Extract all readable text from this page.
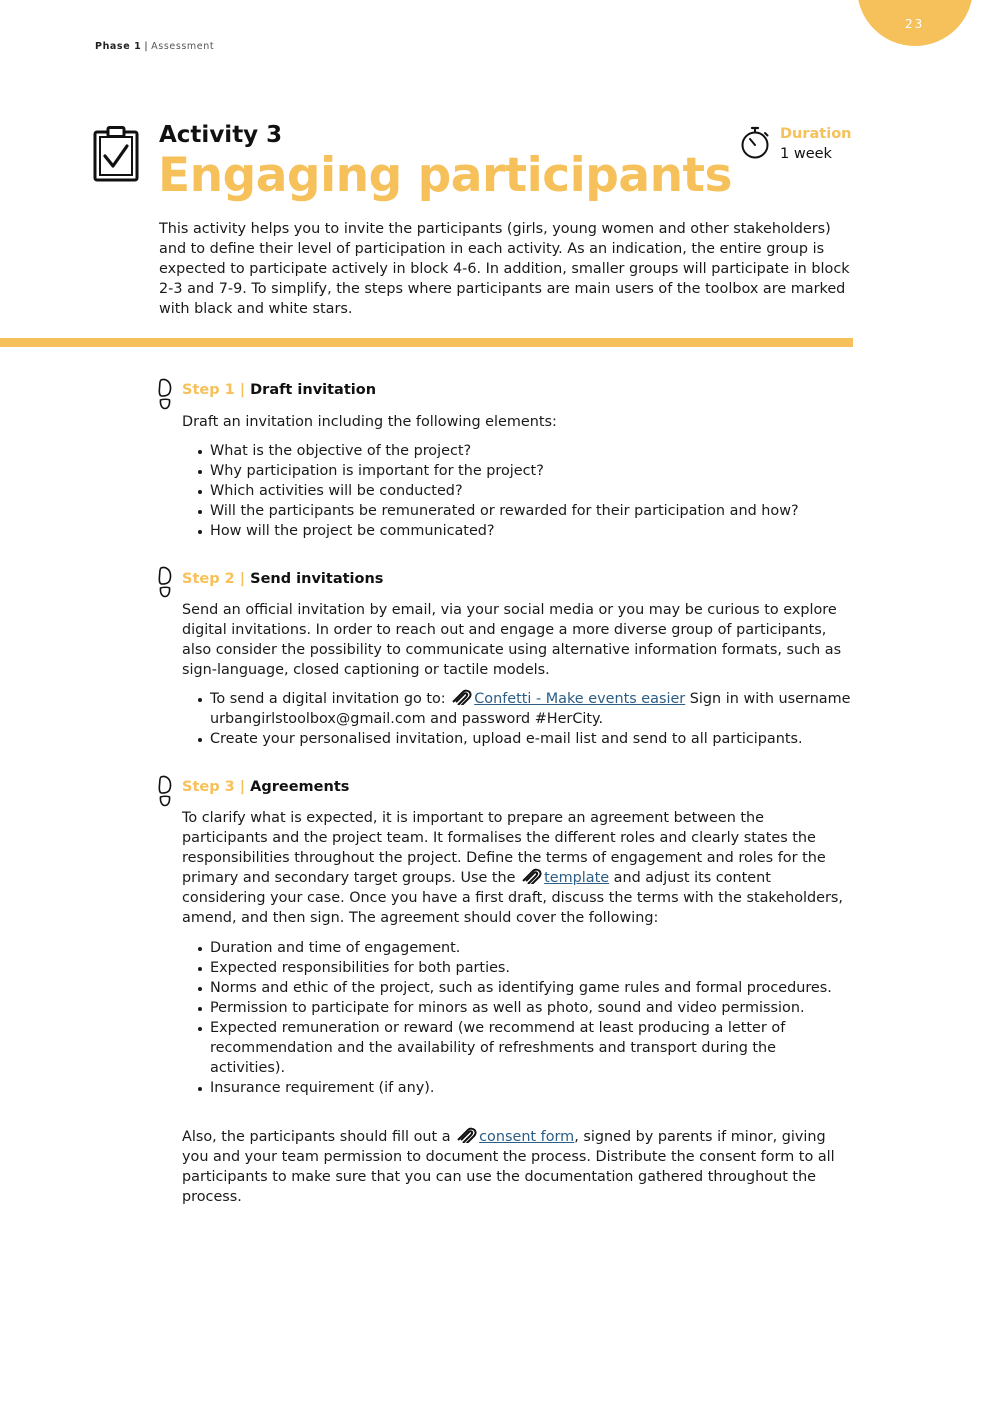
23
Phase 1 | Assessment
Activity 3
Engaging participants
Duration
1 week

This activity helps you to invite the participants (girls, young women and other stakeholders) and to define their level of participation in each activity. As an indication, the entire group is expected to participate actively in block 4-6. In addition, smaller groups will participate in block 2-3 and 7-9. To simplify, the steps where participants are main users of the toolbox are marked with black and white stars.

Step 1 | Draft invitation

Draft an invitation including the following elements:

What is the objective of the project?
Why participation is important for the project?
Which activities will be conducted?
Will the participants be remunerated or rewarded for their participation and how?
How will the project be communicated?
Step 2 | Send invitations

Send an official invitation by email, via your social media or you may be curious to explore digital invitations. In order to reach out and engage a more diverse group of participants, also consider the possibility to communicate using alternative information formats, such as sign-language, closed captioning or tactile models.

To send a digital invitation go to: Confetti - Make events easier Sign in with username urbangirlstoolbox@gmail.com and password #HerCity.
Create your personalised invitation, upload e-mail list and send to all participants.
Step 3 | Agreements

To clarify what is expected, it is important to prepare an agreement between the participants and the project team. It formalises the different roles and clearly states the responsibilities throughout the project. Define the terms of engagement and roles for the primary and secondary target groups. Use the template and adjust its content considering your case. Once you have a first draft, discuss the terms with the stakeholders, amend, and then sign. The agreement should cover the following:

Duration and time of engagement.
Expected responsibilities for both parties.
Norms and ethic of the project, such as identifying game rules and formal procedures.
Permission to participate for minors as well as photo, sound and video permission.
Expected remuneration or reward (we recommend at least producing a letter of recommendation and the availability of refreshments and transport during the activities).
Insurance requirement (if any).

Also, the participants should fill out a consent form, signed by parents if minor, giving you and your team permission to document the process. Distribute the consent form to all participants to make sure that you can use the documentation gathered throughout the process.
